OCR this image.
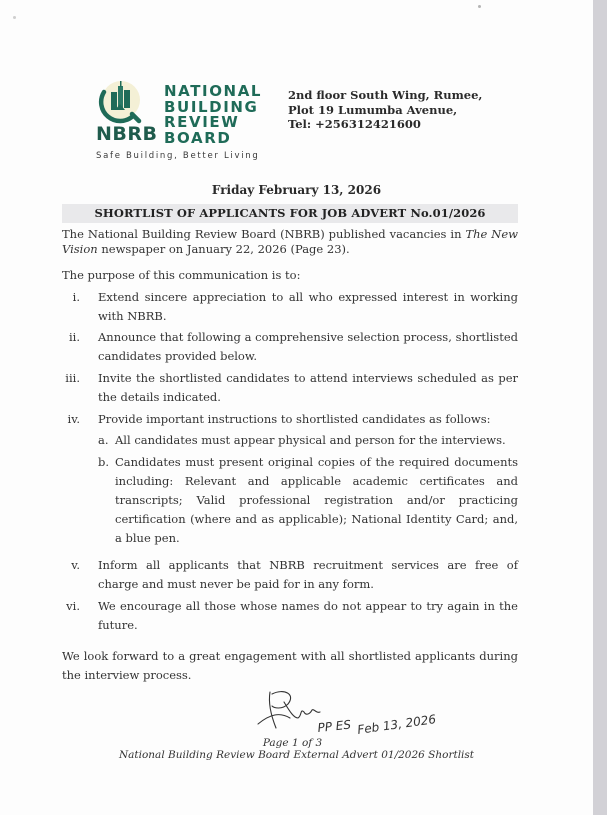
NBRB
NATIONAL
BUILDING
REVIEW
BOARD
Safe Building, Better Living
2nd floor South Wing, Rumee,
Plot 19 Lumumba Avenue,
Tel: +256312421600
Friday February 13, 2026
SHORTLIST OF APPLICANTS FOR JOB ADVERT No.01/2026
The National Building Review Board (NBRB) published vacancies in The New Vision newspaper on January 22, 2026 (Page 23).
The purpose of this communication is to:
i. Extend sincere appreciation to all who expressed interest in working with NBRB.
ii. Announce that following a comprehensive selection process, shortlisted candidates provided below.
iii. Invite the shortlisted candidates to attend interviews scheduled as per the details indicated.
iv. Provide important instructions to shortlisted candidates as follows:
a. All candidates must appear physical and person for the interviews.
b. Candidates must present original copies of the required documents including: Relevant and applicable academic certificates and transcripts; Valid professional registration and/or practicing certification (where and as applicable); National Identity Card; and, a blue pen.
v. Inform all applicants that NBRB recruitment services are free of charge and must never be paid for in any form.
vi. We encourage all those whose names do not appear to try again in the future.
We look forward to a great engagement with all shortlisted applicants during the interview process.
PP ES Feb 13, 2026
Page 1 of 3
National Building Review Board External Advert 01/2026 Shortlist
